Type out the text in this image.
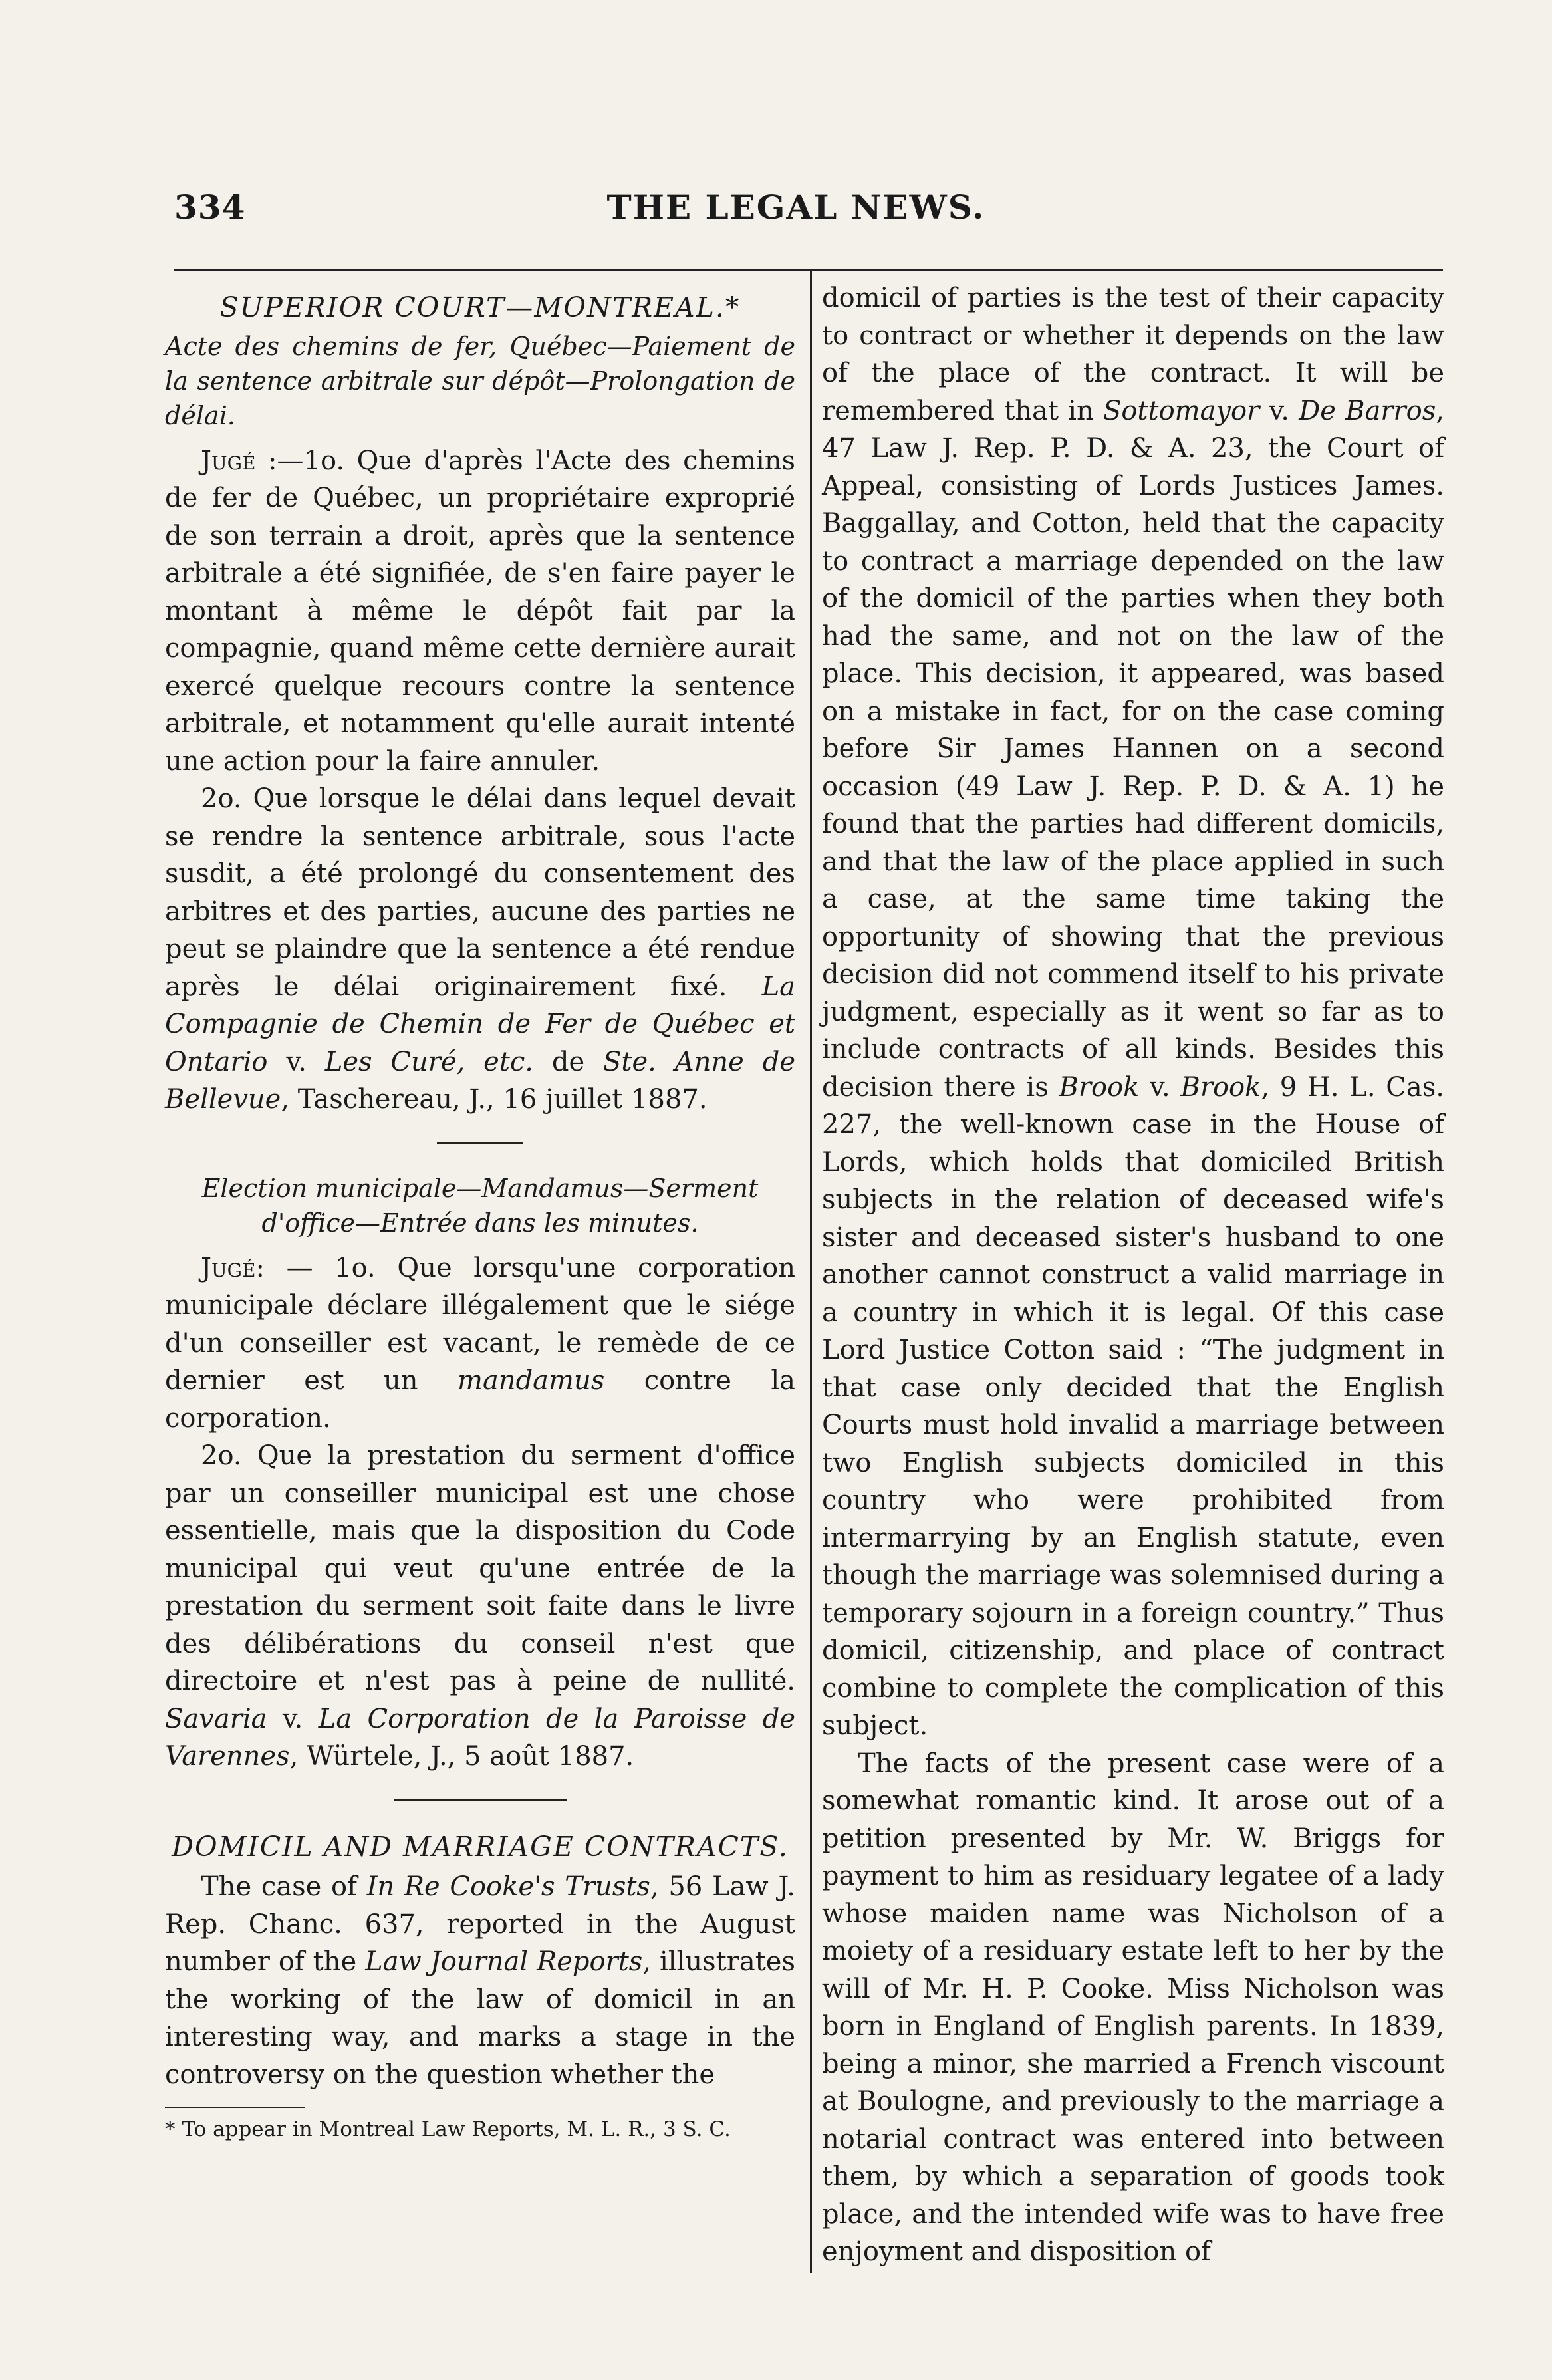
334	THE LEGAL NEWS.
SUPERIOR COURT—MONTREAL.*
Acte des chemins de fer, Québec—Paiement de la sentence arbitrale sur dépôt—Prolongation de délai.

Jugé :—1o. Que d'après l'Acte des chemins de fer de Québec, un propriétaire exproprié de son terrain a droit, après que la sentence arbitrale a été signifiée, de s'en faire payer le montant à même le dépôt fait par la compagnie, quand même cette dernière aurait exercé quelque recours contre la sentence arbitrale, et notamment qu'elle aurait intenté une action pour la faire annuler.

2o. Que lorsque le délai dans lequel devait se rendre la sentence arbitrale, sous l'acte susdit, a été prolongé du consentement des arbitres et des parties, aucune des parties ne peut se plaindre que la sentence a été rendue après le délai originairement fixé. La Compagnie de Chemin de Fer de Québec et Ontario v. Les Curé, etc. de Ste. Anne de Bellevue, Taschereau, J., 16 juillet 1887.

Election municipale—Mandamus—Serment d'office—Entrée dans les minutes.

Jugé: — 1o. Que lorsqu'une corporation municipale déclare illégalement que le siége d'un conseiller est vacant, le remède de ce dernier est un mandamus contre la corporation.

2o. Que la prestation du serment d'office par un conseiller municipal est une chose essentielle, mais que la disposition du Code municipal qui veut qu'une entrée de la prestation du serment soit faite dans le livre des délibérations du conseil n'est que directoire et n'est pas à peine de nullité. Savaria v. La Corporation de la Paroisse de Varennes, Würtele, J., 5 août 1887.

DOMICIL AND MARRIAGE CONTRACTS.

The case of In Re Cooke's Trusts, 56 Law J. Rep. Chanc. 637, reported in the August number of the Law Journal Reports, illustrates the working of the law of domicil in an interesting way, and marks a stage in the controversy on the question whether the

* To appear in Montreal Law Reports, M. L. R., 3 S. C.

domicil of parties is the test of their capacity to contract or whether it depends on the law of the place of the contract. It will be remembered that in Sottomayor v. De Barros, 47 Law J. Rep. P. D. & A. 23, the Court of Appeal, consisting of Lords Justices James. Baggallay, and Cotton, held that the capacity to contract a marriage depended on the law of the domicil of the parties when they both had the same, and not on the law of the place. This decision, it appeared, was based on a mistake in fact, for on the case coming before Sir James Hannen on a second occasion (49 Law J. Rep. P. D. & A. 1) he found that the parties had different domicils, and that the law of the place applied in such a case, at the same time taking the opportunity of showing that the previous decision did not commend itself to his private judgment, especially as it went so far as to include contracts of all kinds. Besides this decision there is Brook v. Brook, 9 H. L. Cas. 227, the well-known case in the House of Lords, which holds that domiciled British subjects in the relation of deceased wife's sister and deceased sister's husband to one another cannot construct a valid marriage in a country in which it is legal. Of this case Lord Justice Cotton said : “The judgment in that case only decided that the English Courts must hold invalid a marriage between two English subjects domiciled in this country who were prohibited from intermarrying by an English statute, even though the marriage was solemnised during a temporary sojourn in a foreign country.” Thus domicil, citizenship, and place of contract combine to complete the complication of this subject.

The facts of the present case were of a somewhat romantic kind. It arose out of a petition presented by Mr. W. Briggs for payment to him as residuary legatee of a lady whose maiden name was Nicholson of a moiety of a residuary estate left to her by the will of Mr. H. P. Cooke. Miss Nicholson was born in England of English parents. In 1839, being a minor, she married a French viscount at Boulogne, and previously to the marriage a notarial contract was entered into between them, by which a separation of goods took place, and the intended wife was to have free enjoyment and disposition of
